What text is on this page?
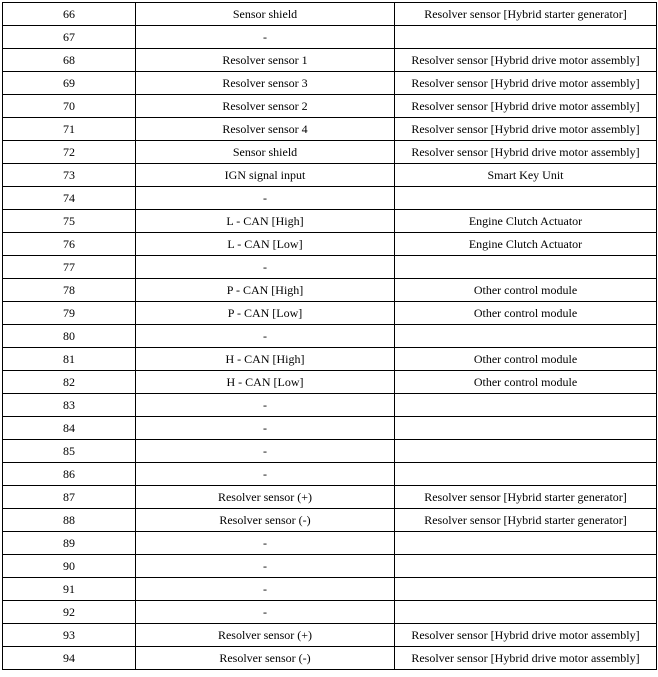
66	Sensor shield	Resolver sensor [Hybrid starter generator]
67	-	
68	Resolver sensor 1	Resolver sensor [Hybrid drive motor assembly]
69	Resolver sensor 3	Resolver sensor [Hybrid drive motor assembly]
70	Resolver sensor 2	Resolver sensor [Hybrid drive motor assembly]
71	Resolver sensor 4	Resolver sensor [Hybrid drive motor assembly]
72	Sensor shield	Resolver sensor [Hybrid drive motor assembly]
73	IGN signal input	Smart Key Unit
74	-	
75	L - CAN [High]	Engine Clutch Actuator
76	L - CAN [Low]	Engine Clutch Actuator
77	-	
78	P - CAN [High]	Other control module
79	P - CAN [Low]	Other control module
80	-	
81	H - CAN [High]	Other control module
82	H - CAN [Low]	Other control module
83	-	
84	-	
85	-	
86	-	
87	Resolver sensor (+)	Resolver sensor [Hybrid starter generator]
88	Resolver sensor (-)	Resolver sensor [Hybrid starter generator]
89	-	
90	-	
91	-	
92	-	
93	Resolver sensor (+)	Resolver sensor [Hybrid drive motor assembly]
94	Resolver sensor (-)	Resolver sensor [Hybrid drive motor assembly]
